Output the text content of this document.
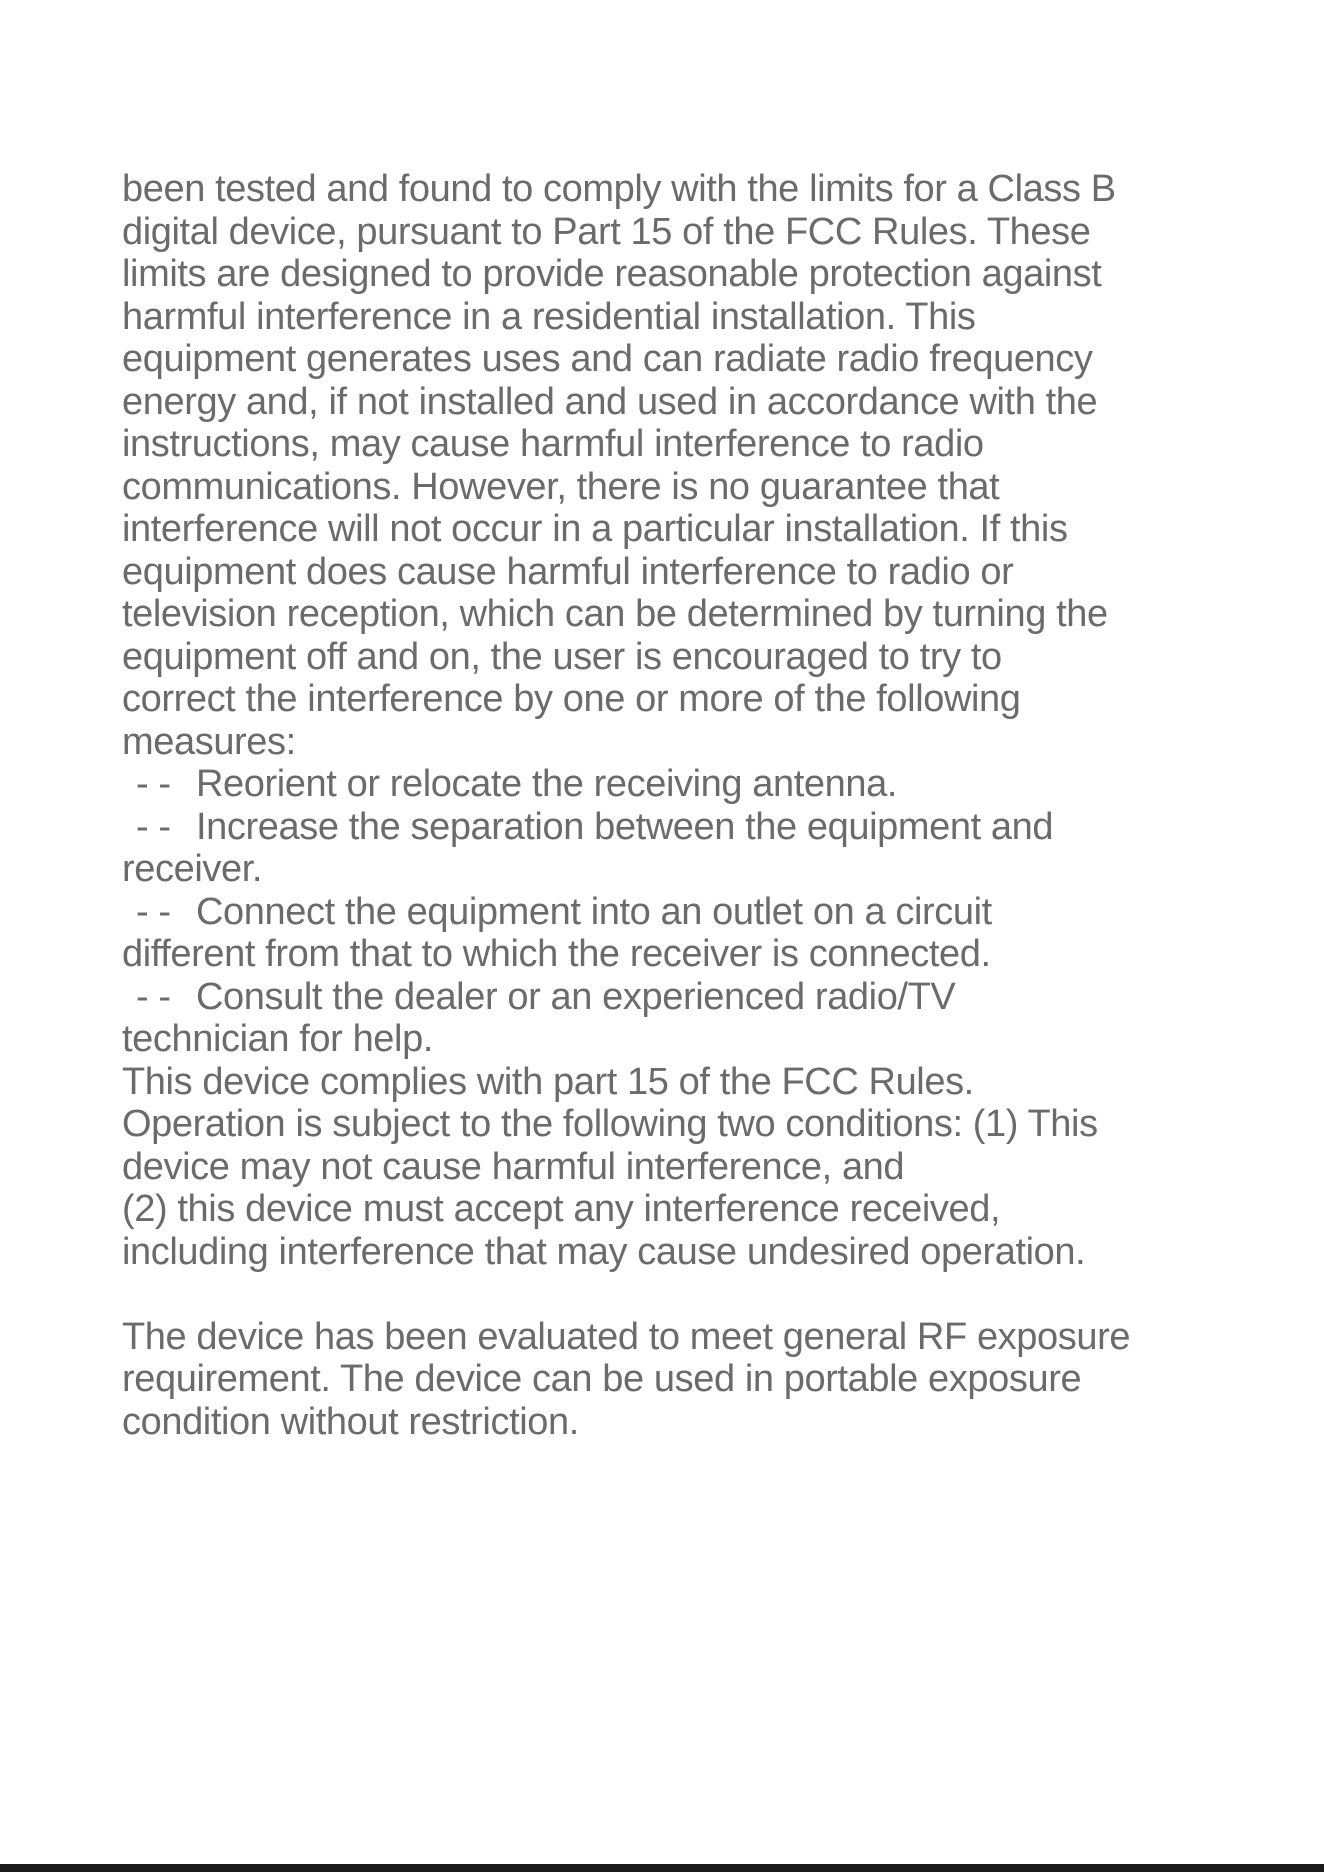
been tested and found to comply with the limits for a Class B
digital device, pursuant to Part 15 of the FCC Rules. These
limits are designed to provide reasonable protection against
harmful interference in a residential installation. This
equipment generates uses and can radiate radio frequency
energy and, if not installed and used in accordance with the
instructions, may cause harmful interference to radio
communications. However, there is no guarantee that
interference will not occur in a particular installation. If this
equipment does cause harmful interference to radio or
television reception, which can be determined by turning the
equipment off and on, the user is encouraged to try to
correct the interference by one or more of the following
measures:
- - Reorient or relocate the receiving antenna.
- - Increase the separation between the equipment and
receiver.
- - Connect the equipment into an outlet on a circuit
different from that to which the receiver is connected.
- - Consult the dealer or an experienced radio/TV
technician for help.
This device complies with part 15 of the FCC Rules.
Operation is subject to the following two conditions: (1) This
device may not cause harmful interference, and
(2) this device must accept any interference received,
including interference that may cause undesired operation.
The device has been evaluated to meet general RF exposure
requirement. The device can be used in portable exposure
condition without restriction.
